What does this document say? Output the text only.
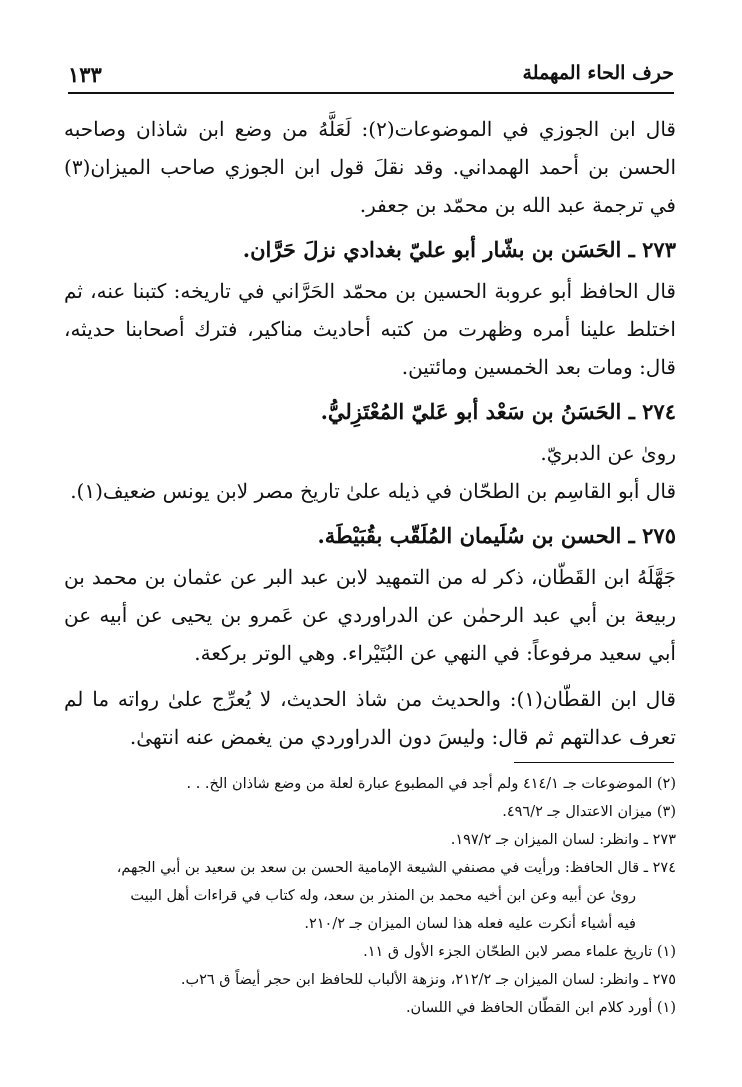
حرف الحاء المهملة
١٣٣

قال ابن الجوزي في الموضوعات(٢): لَعَلَّهُ من وضع ابن شاذان وصاحبه الحسن بن أحمد الهمداني. وقد نقلَ قول ابن الجوزي صاحب الميزان(٣) في ترجمة عبد الله بن محمّد بن جعفر.

٢٧٣ ـ الحَسَن بن بشّار أبو عليّ بغدادي نزلَ حَرَّان.

قال الحافظ أبو عروبة الحسين بن محمّد الحَرَّاني في تاريخه: كتبنا عنه، ثم اختلط علينا أمره وظهرت من كتبه أحاديث مناكير، فترك أصحابنا حديثه، قال: ومات بعد الخمسين ومائتين.

٢٧٤ ـ الحَسَنُ بن سَعْد أبو عَليّ المُعْتَزِليُّ.

روىٰ عن الدبريّ.

قال أبو القاسِم بن الطحّان في ذيله علىٰ تاريخ مصر لابن يونس ضعيف(١).

٢٧٥ ـ الحسن بن سُلَيمان المُلَقّب بقُبَيْطَة.

جَهَّلَهُ ابن القَطّان، ذكر له من التمهيد لابن عبد البر عن عثمان بن محمد بن ربيعة بن أبي عبد الرحمٰن عن الدراوردي عن عَمرو بن يحيى عن أبيه عن أبي سعيد مرفوعاً: في النهي عن البُتَيْراء. وهي الوتر بركعة.

قال ابن القطّان(١): والحديث من شاذ الحديث، لا يُعرِّج علىٰ رواته ما لم تعرف عدالتهم ثم قال: وليسَ دون الدراوردي من يغمض عنه انتهىٰ.

(٢) الموضوعات جـ ٤١٤/١ ولم أجد في المطبوع عبارة لعلة من وضع شاذان الخ. . .

(٣) ميزان الاعتدال جـ ٤٩٦/٢.

٢٧٣ ـ وانظر: لسان الميزان جـ ١٩٧/٢.

٢٧٤ ـ قال الحافظ: ورأيت في مصنفي الشيعة الإمامية الحسن بن سعد بن سعيد بن أبي الجهم،

روىٰ عن أبيه وعن ابن أخيه محمد بن المنذر بن سعد، وله كتاب في قراءات أهل البيت

فيه أشياء أنكرت عليه فعله هذا لسان الميزان جـ ٢١٠/٢.

(١) تاريخ علماء مصر لابن الطحّان الجزء الأول ق ١١.

٢٧٥ ـ وانظر: لسان الميزان جـ ٢١٢/٢، ونزهة الألباب للحافظ ابن حجر أيضاً ق ٢٦ب.

(١) أورد كلام ابن القطّان الحافظ في اللسان.
